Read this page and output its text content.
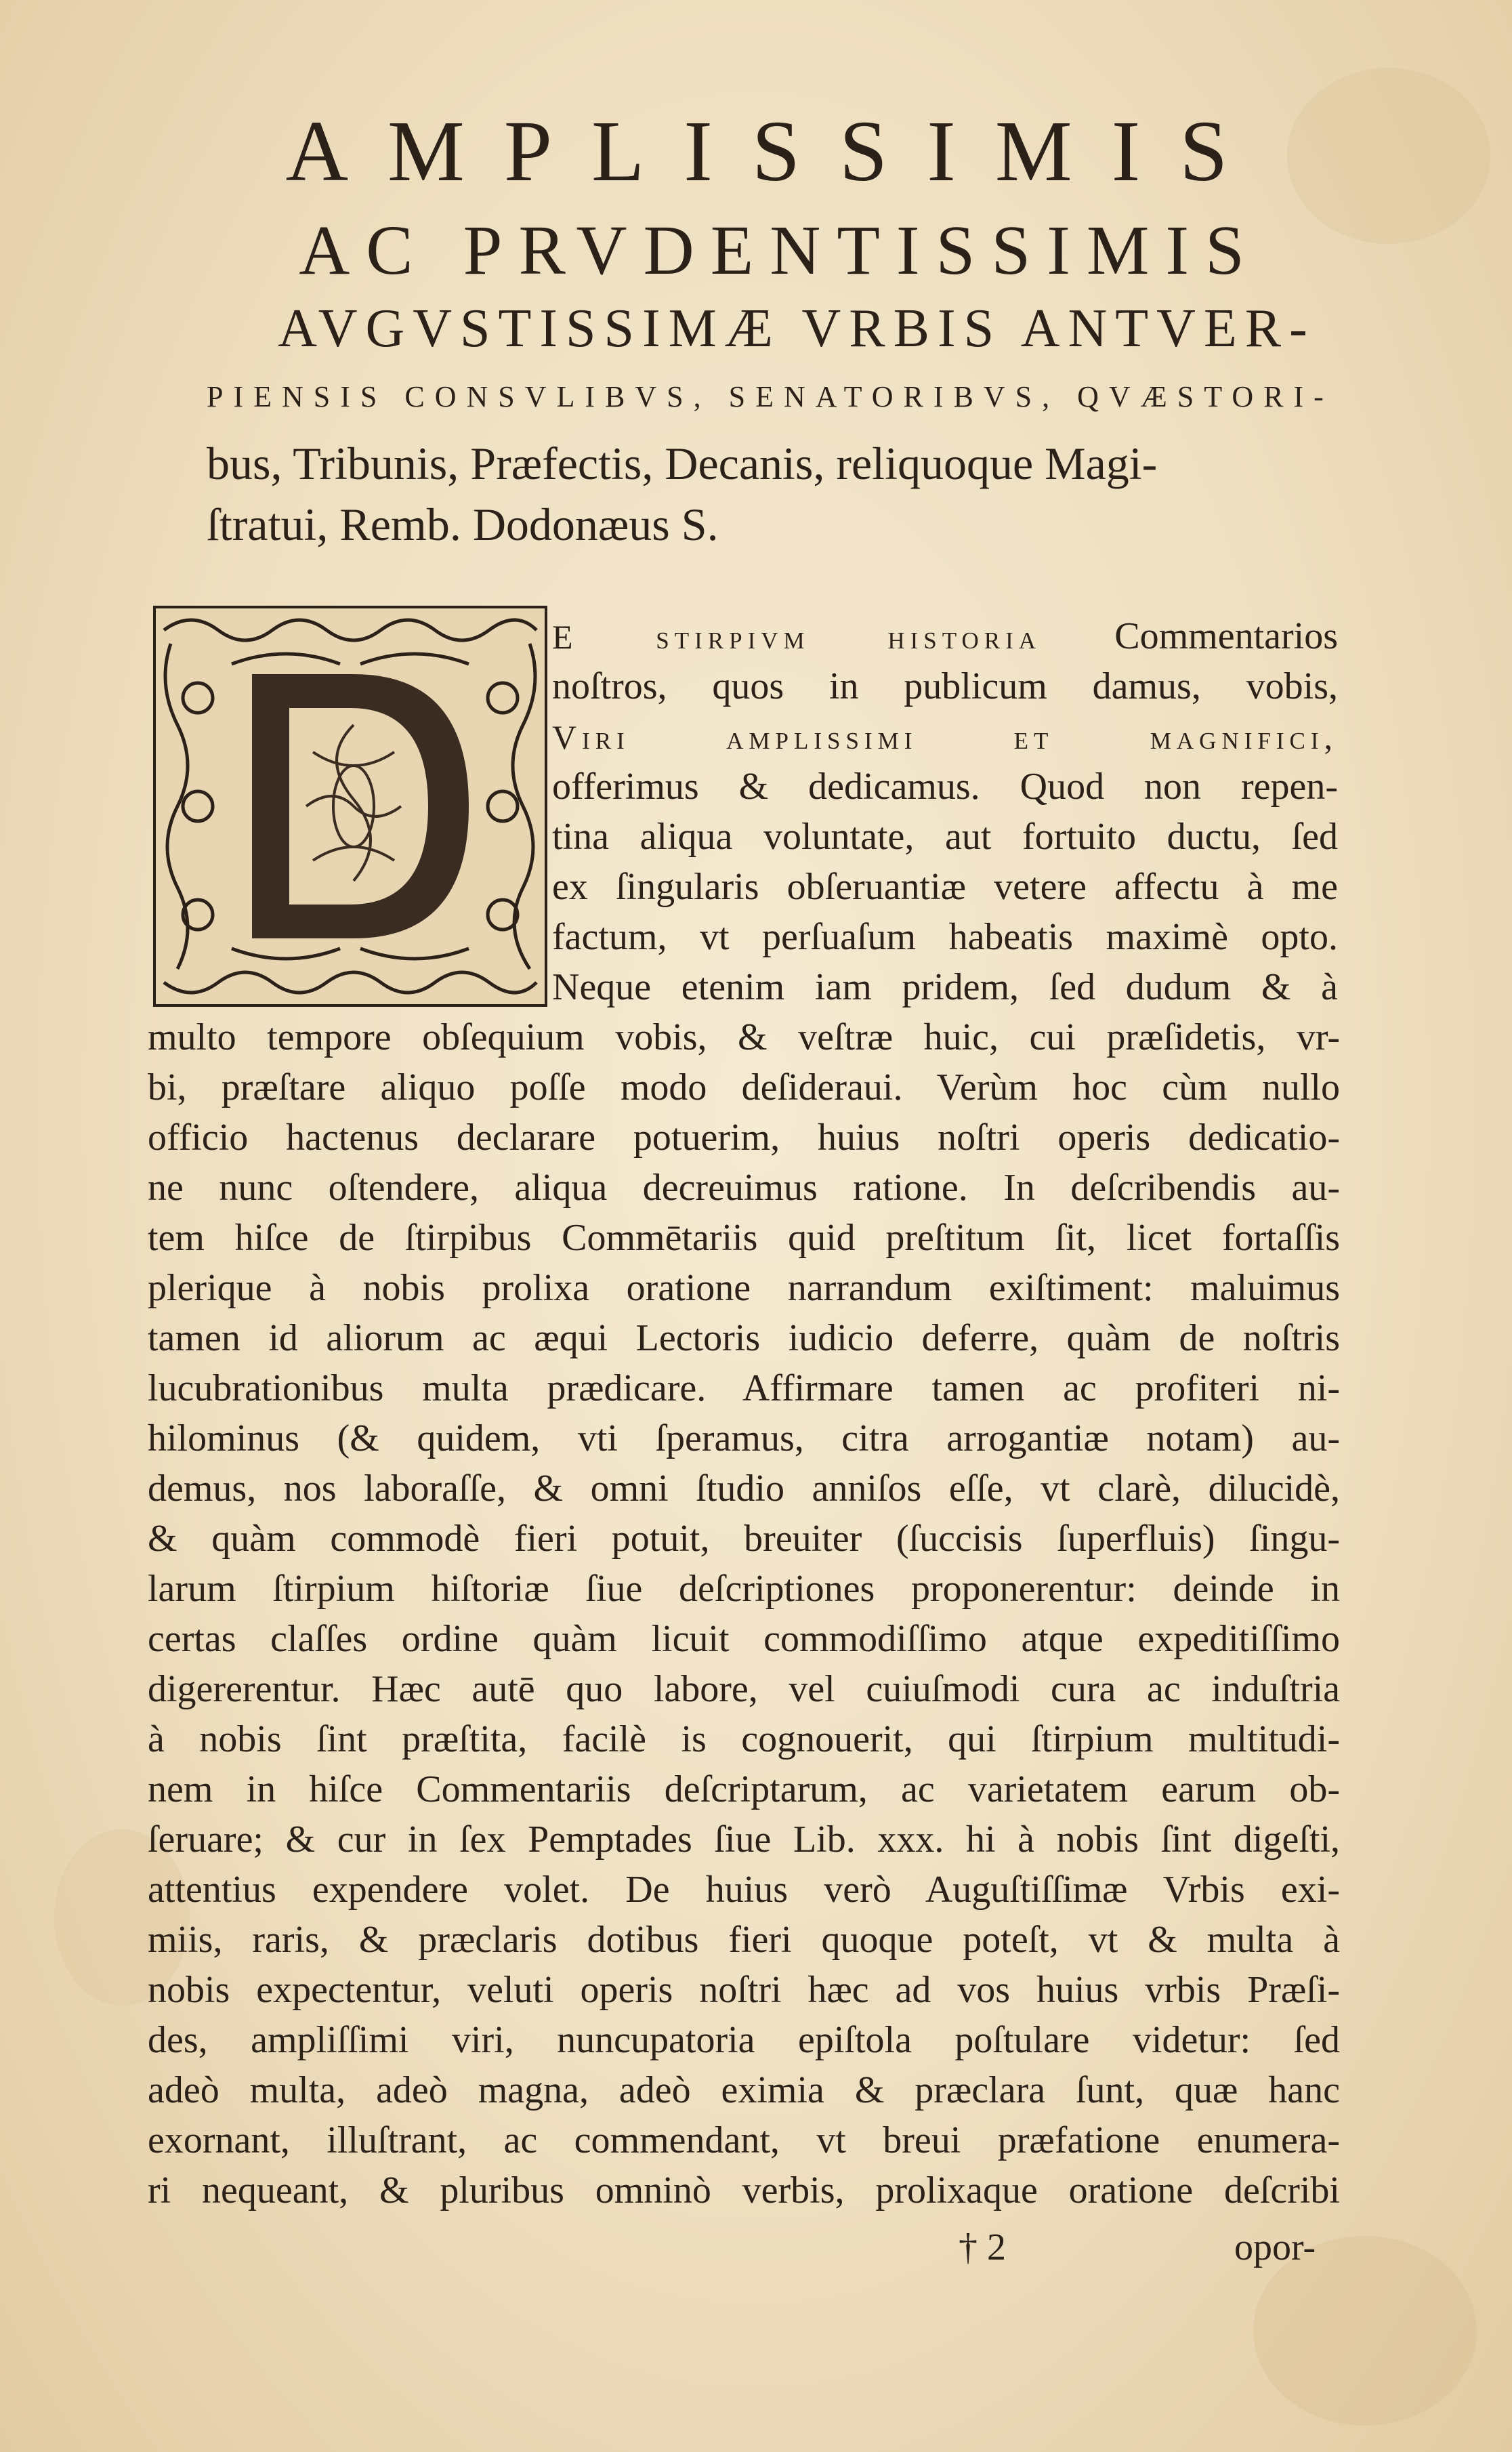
AMPLISSIMIS
AC PRVDENTISSIMIS
AVGVSTISSIMÆ VRBIS ANTVER-
PIENSIS CONSVLIBVS, SENATORIBVS, QVÆSTORI-
bus, Tribunis, Præfectis, Decanis, reliquoque Magi-
ſtratui, Remb. Dodonæus S.
E stirpivm historia Commentarios
noſtros, quos in publicum damus, vobis,
Viri amplissimi et magnifici,
offerimus & dedicamus. Quod non repen-
tina aliqua voluntate, aut fortuito ductu, ſed
ex ſingularis obſeruantiæ vetere affectu à me
factum, vt perſuaſum habeatis maximè opto.
Neque etenim iam pridem, ſed dudum & à
multo tempore obſequium vobis, & veſtræ huic, cui præſidetis, vr-
bi, præſtare aliquo poſſe modo deſideraui. Verùm hoc cùm nullo
officio hactenus declarare potuerim, huius noſtri operis dedicatio-
ne nunc oſtendere, aliqua decreuimus ratione. In deſcribendis au-
tem hiſce de ſtirpibus Commētariis quid preſtitum ſit, licet fortaſſis
plerique à nobis prolixa oratione narrandum exiſtiment: maluimus
tamen id aliorum ac æqui Lectoris iudicio deferre, quàm de noſtris
lucubrationibus multa prædicare. Affirmare tamen ac profiteri ni-
hilominus (& quidem, vti ſperamus, citra arrogantiæ notam) au-
demus, nos laboraſſe, & omni ſtudio anniſos eſſe, vt clarè, dilucidè,
& quàm commodè fieri potuit, breuiter (ſuccisis ſuperfluis) ſingu-
larum ſtirpium hiſtoriæ ſiue deſcriptiones proponerentur: deinde in
certas claſſes ordine quàm licuit commodiſſimo atque expeditiſſimo
digererentur. Hæc autē quo labore, vel cuiuſmodi cura ac induſtria
à nobis ſint præſtita, facilè is cognouerit, qui ſtirpium multitudi-
nem in hiſce Commentariis deſcriptarum, ac varietatem earum ob-
ſeruare; & cur in ſex Pemptades ſiue Lib. xxx. hi à nobis ſint digeſti,
attentius expendere volet. De huius verò Auguſtiſſimæ Vrbis exi-
miis, raris, & præclaris dotibus fieri quoque poteſt, vt & multa à
nobis expectentur, veluti operis noſtri hæc ad vos huius vrbis Præſi-
des, ampliſſimi viri, nuncupatoria epiſtola poſtulare videtur: ſed
adeò multa, adeò magna, adeò eximia & præclara ſunt, quæ hanc
exornant, illuſtrant, ac commendant, vt breui præfatione enumera-
ri nequeant, & pluribus omninò verbis, prolixaque oratione deſcribi
† 2	opor-
